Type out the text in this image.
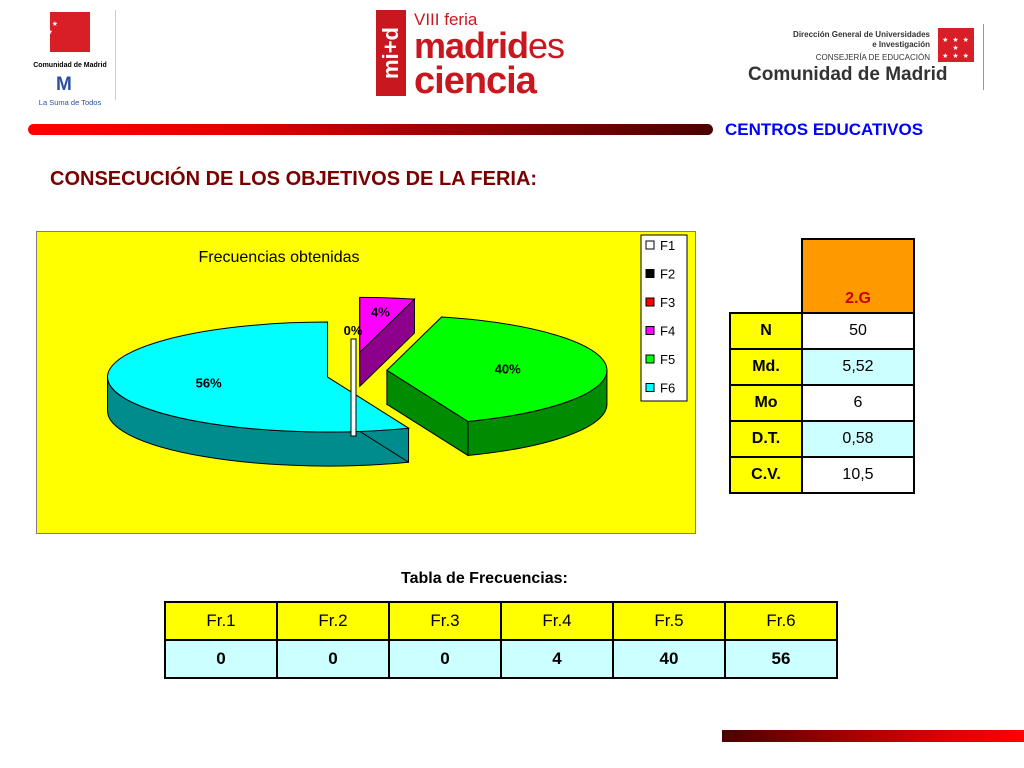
★ ★ ★ ★
★ ★ ★
Comunidad de Madrid
M
La Suma de Todos
mi+d
VIII feria
madrides
ciencia
Dirección General de Universidades
e Investigación
CONSEJERÍA DE EDUCACIÓN
Comunidad de Madrid
★ ★ ★ ★
★ ★ ★
CENTROS EDUCATIVOS
CONSECUCIÓN DE LOS OBJETIVOS DE LA FERIA:
Frecuencias obtenidas
0%
4%
40%
56%
F1
F2
F3
F4
F5
F6
	2.G
N	50
Md.	5,52
Mo	6
D.T.	0,58
C.V.	10,5
Tabla de Frecuencias:
Fr.1	Fr.2	Fr.3	Fr.4	Fr.5	Fr.6
0	0	0	4	40	56
